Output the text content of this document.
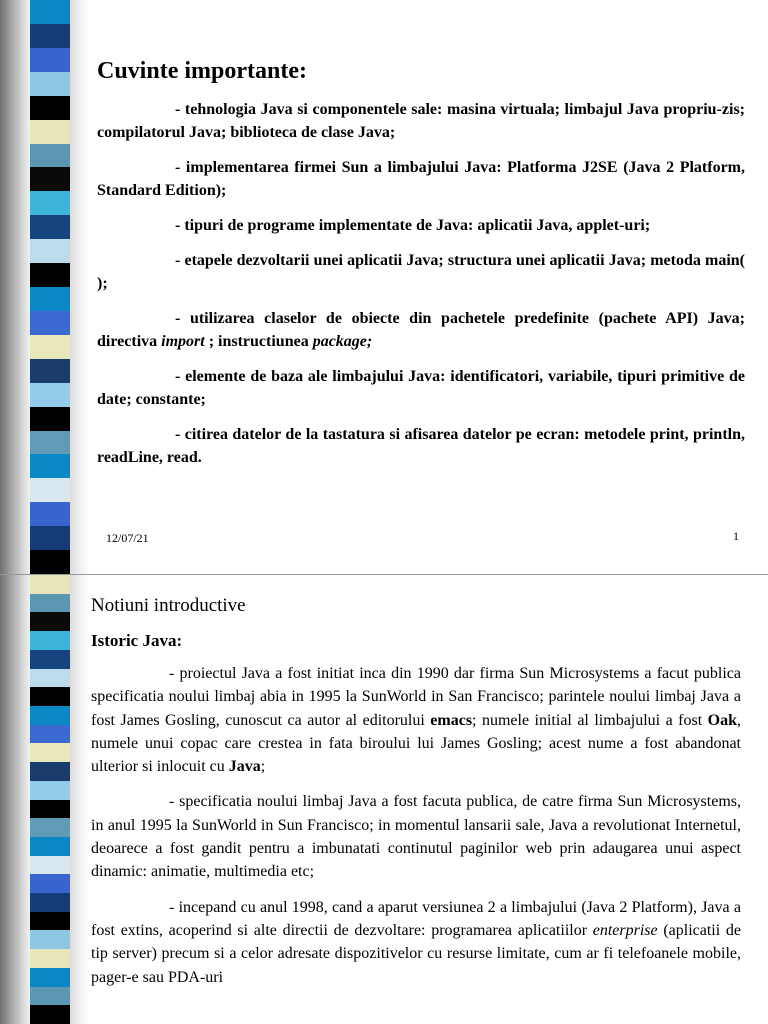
Cuvinte importante:

- tehnologia Java si componentele sale: masina virtuala; limbajul Java propriu-zis; compilatorul Java; biblioteca de clase Java;

- implementarea firmei Sun a limbajului Java: Platforma J2SE (Java 2 Platform, Standard Edition);

- tipuri de programe implementate de Java: aplicatii Java, applet-uri;

- etapele dezvoltarii unei aplicatii Java; structura unei aplicatii Java; metoda main( );

- utilizarea claselor de obiecte din pachetele predefinite (pachete API) Java; directiva import ; instructiunea package;

- elemente de baza ale limbajului Java: identificatori, variabile, tipuri primitive de date; constante;

- citirea datelor de la tastatura si afisarea datelor pe ecran: metodele print, println, readLine, read.

12/07/21	1
Notiuni introductive
Istoric Java:

- proiectul Java a fost initiat inca din 1990 dar firma Sun Microsystems a facut publica specificatia noului limbaj abia in 1995 la SunWorld in San Francisco; parintele noului limbaj Java a fost James Gosling, cunoscut ca autor al editorului emacs; numele initial al limbajului a fost Oak, numele unui copac care crestea in fata biroului lui James Gosling; acest nume a fost abandonat ulterior si inlocuit cu Java;

- specificatia noului limbaj Java a fost facuta publica, de catre firma Sun Microsystems, in anul 1995 la SunWorld in Sun Francisco; in momentul lansarii sale, Java a revolutionat Internetul, deoarece a fost gandit pentru a imbunatati continutul paginilor web prin adaugarea unui aspect dinamic: animatie, multimedia etc;

- incepand cu anul 1998, cand a aparut versiunea 2 a limbajului (Java 2 Platform), Java a fost extins, acoperind si alte directii de dezvoltare: programarea aplicatiilor enterprise (aplicatii de tip server) precum si a celor adresate dispozitivelor cu resurse limitate, cum ar fi telefoanele mobile, pager-e sau PDA-uri
